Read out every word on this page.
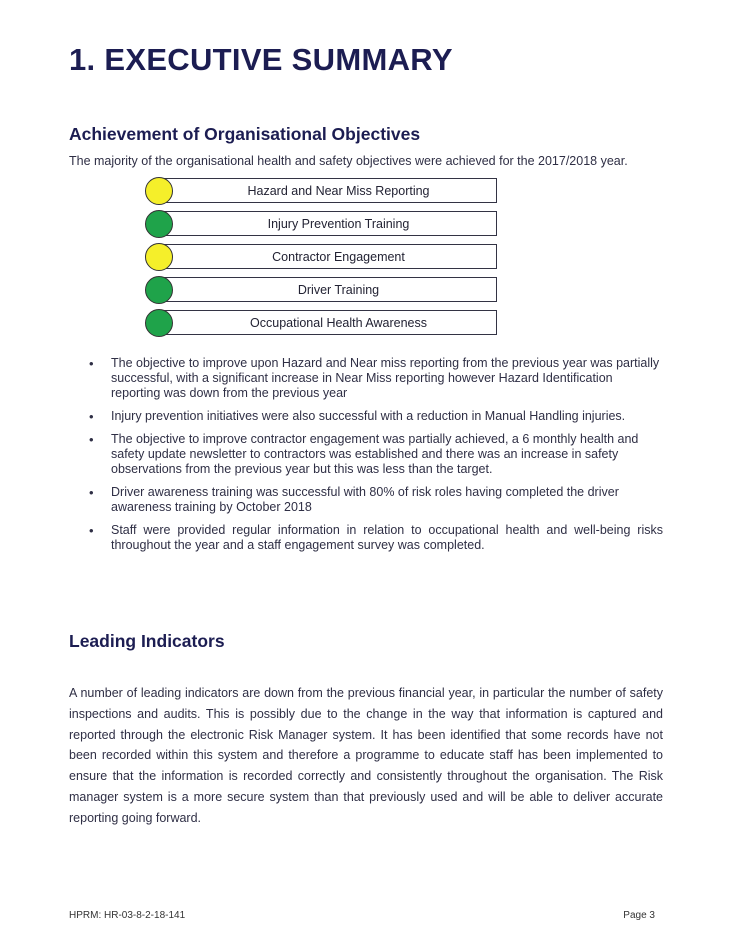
1. EXECUTIVE SUMMARY
Achievement of Organisational Objectives
The majority of the organisational health and safety objectives were achieved for the 2017/2018 year.
Hazard and Near Miss Reporting
Injury Prevention Training
Contractor Engagement
Driver Training
Occupational Health Awareness
• The objective to improve upon Hazard and Near miss reporting from the previous year was partially successful, with a significant increase in Near Miss reporting however Hazard Identification reporting was down from the previous year
• Injury prevention initiatives were also successful with a reduction in Manual Handling injuries.
• The objective to improve contractor engagement was partially achieved, a 6 monthly health and safety update newsletter to contractors was established and there was an increase in safety observations from the previous year but this was less than the target.
• Driver awareness training was successful with 80% of risk roles having completed the driver awareness training by October 2018
• Staff were provided regular information in relation to occupational health and well-being risks throughout the year and a staff engagement survey was completed.
Leading Indicators

A number of leading indicators are down from the previous financial year, in particular the number of safety inspections and audits. This is possibly due to the change in the way that information is captured and reported through the electronic Risk Manager system. It has been identified that some records have not been recorded within this system and therefore a programme to educate staff has been implemented to ensure that the information is recorded correctly and consistently throughout the organisation. The Risk manager system is a more secure system than that previously used and will be able to deliver accurate reporting going forward.

HPRM: HR-03-8-2-18-141	Page 3
